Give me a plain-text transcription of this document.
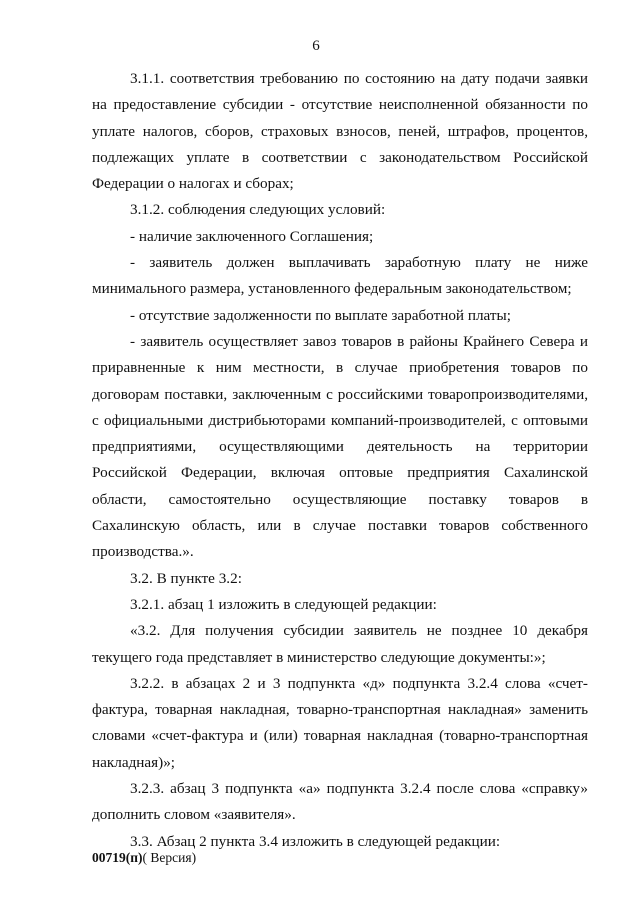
6

3.1.1. соответствия требованию по состоянию на дату подачи заявки на предоставление субсидии - отсутствие неисполненной обязанности по уплате налогов, сборов, страховых взносов, пеней, штрафов, процентов, подлежащих уплате в соответствии с законодательством Российской Федерации о налогах и сборах;

3.1.2. соблюдения следующих условий:

- наличие заключенного Соглашения;

- заявитель должен выплачивать заработную плату не ниже минимального размера, установленного федеральным законодательством;

- отсутствие задолженности по выплате заработной платы;

- заявитель осуществляет завоз товаров в районы Крайнего Севера и приравненные к ним местности, в случае приобретения товаров по договорам поставки, заключенным с российскими товаропроизводителями, с официальными дистрибьюторами компаний-производителей, с оптовыми предприятиями, осуществляющими деятельность на территории Российской Федерации, включая оптовые предприятия Сахалинской области, самостоятельно осуществляющие поставку товаров в Сахалинскую область, или в случае поставки товаров собственного производства.».

3.2. В пункте 3.2:

3.2.1. абзац 1 изложить в следующей редакции:

«3.2. Для получения субсидии заявитель не позднее 10 декабря текущего года представляет в министерство следующие документы:»;

3.2.2. в абзацах 2 и 3 подпункта «д» подпункта 3.2.4 слова «счет-фактура, товарная накладная, товарно-транспортная накладная» заменить словами «счет-фактура и (или) товарная накладная (товарно-транспортная накладная)»;

3.2.3. абзац 3 подпункта «а» подпункта 3.2.4 после слова «справку» дополнить словом «заявителя».

3.3. Абзац 2 пункта 3.4 изложить в следующей редакции:

00719(п)( Версия)
